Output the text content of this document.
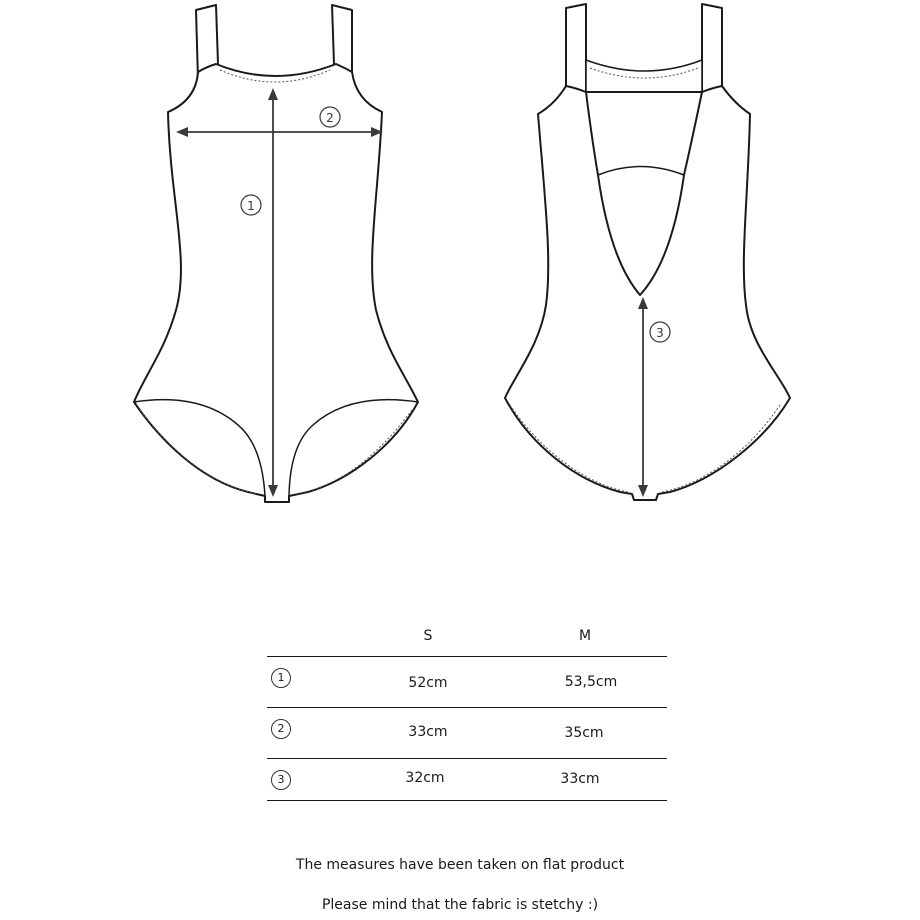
1
2
3
S	M
1	52cm	53,5cm
2	33cm	35cm
3	32cm	33cm
The measures have been taken on flat product
Please mind that the fabric is stetchy :)
